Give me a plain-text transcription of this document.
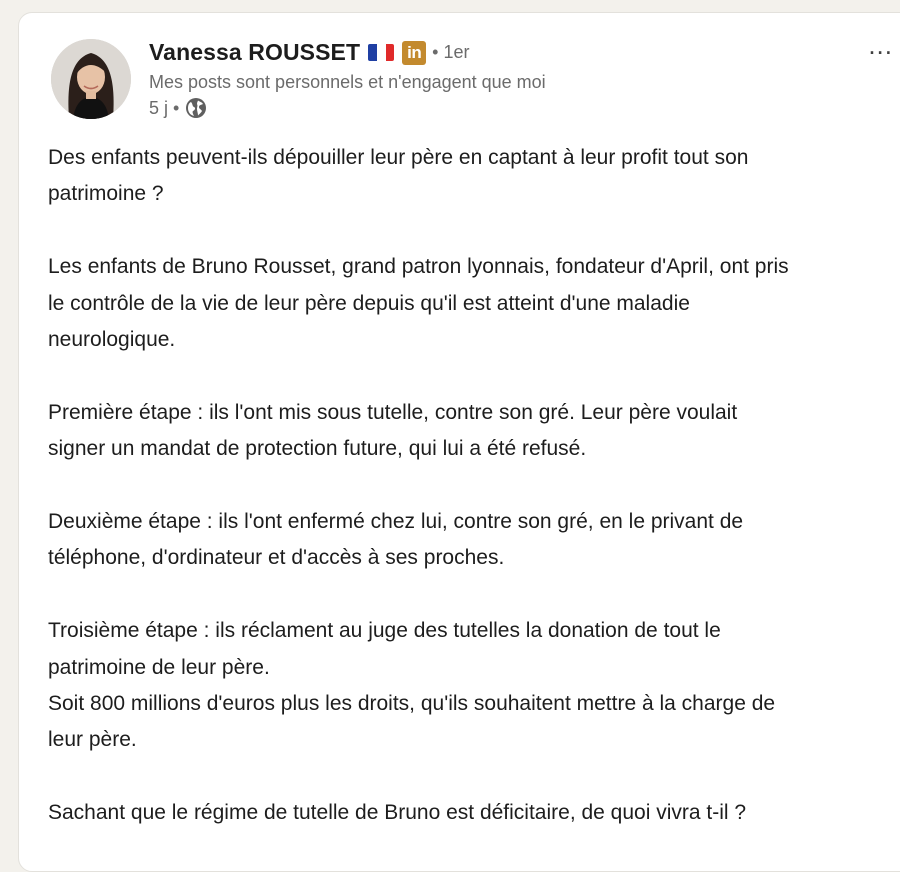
Vanessa ROUSSET	in • 1er
Mes posts sont personnels et n'engagent que moi
5 j •
...
Des enfants peuvent-ils dépouiller leur père en captant à leur profit tout son
patrimoine ?
Les enfants de Bruno Rousset, grand patron lyonnais, fondateur d'April, ont pris
le contrôle de la vie de leur père depuis qu'il est atteint d'une maladie
neurologique.
Première étape : ils l'ont mis sous tutelle, contre son gré. Leur père voulait
signer un mandat de protection future, qui lui a été refusé.
Deuxième étape : ils l'ont enfermé chez lui, contre son gré, en le privant de
téléphone, d'ordinateur et d'accès à ses proches.
Troisième étape : ils réclament au juge des tutelles la donation de tout le
patrimoine de leur père.
Soit 800 millions d'euros plus les droits, qu'ils souhaitent mettre à la charge de
leur père.
Sachant que le régime de tutelle de Bruno est déficitaire, de quoi vivra t-il ?
